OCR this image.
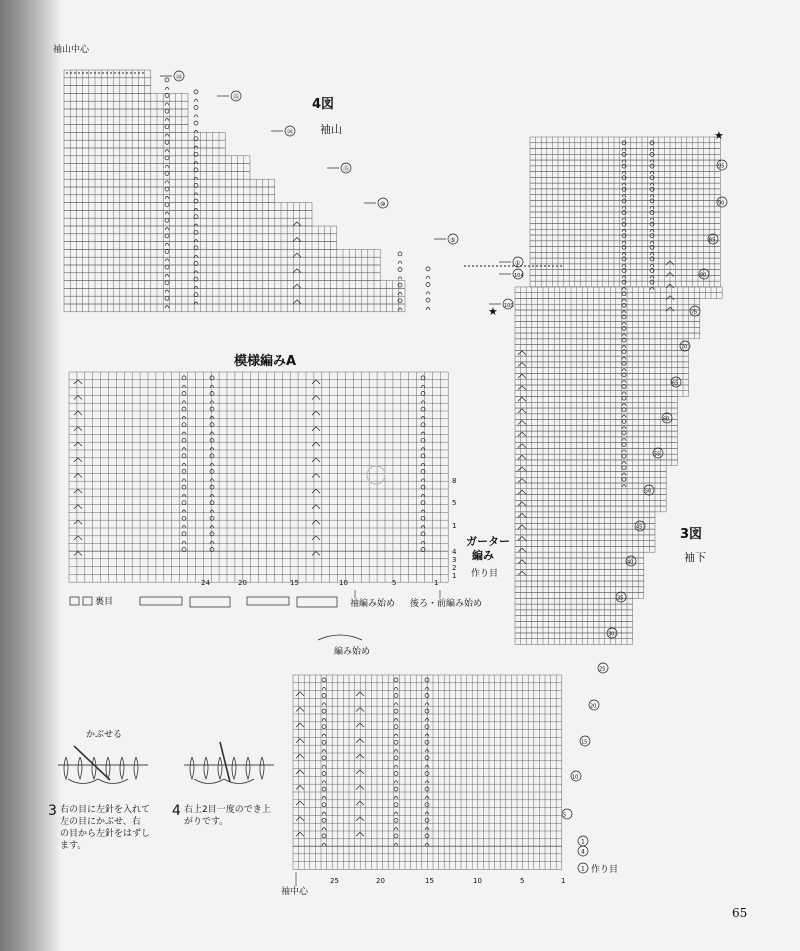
㉘
㉕
⑳
⑮
⑩
⑤
①
104
100
95
90
85
80
75
70
65
60
55
50
45
40
35
30
25
20
15
10
5
1
4
1
25	20	15	10	5	1
24	20	15	10	5	1
8
5
1
4
3
2
1
3	4
袖山中心
4図
袖山
★
★
3図
袖下
作り目
袖中心
模様編みA
ガーター
編み
作り目
袖編み始め 後ろ・前編み始め
編み始め
裏目
かぶせる
右の目に左針を入れて
左の目にかぶせ、右
の目から左針をはずし
ます。
右上2目一度のでき上
がりです。
65
